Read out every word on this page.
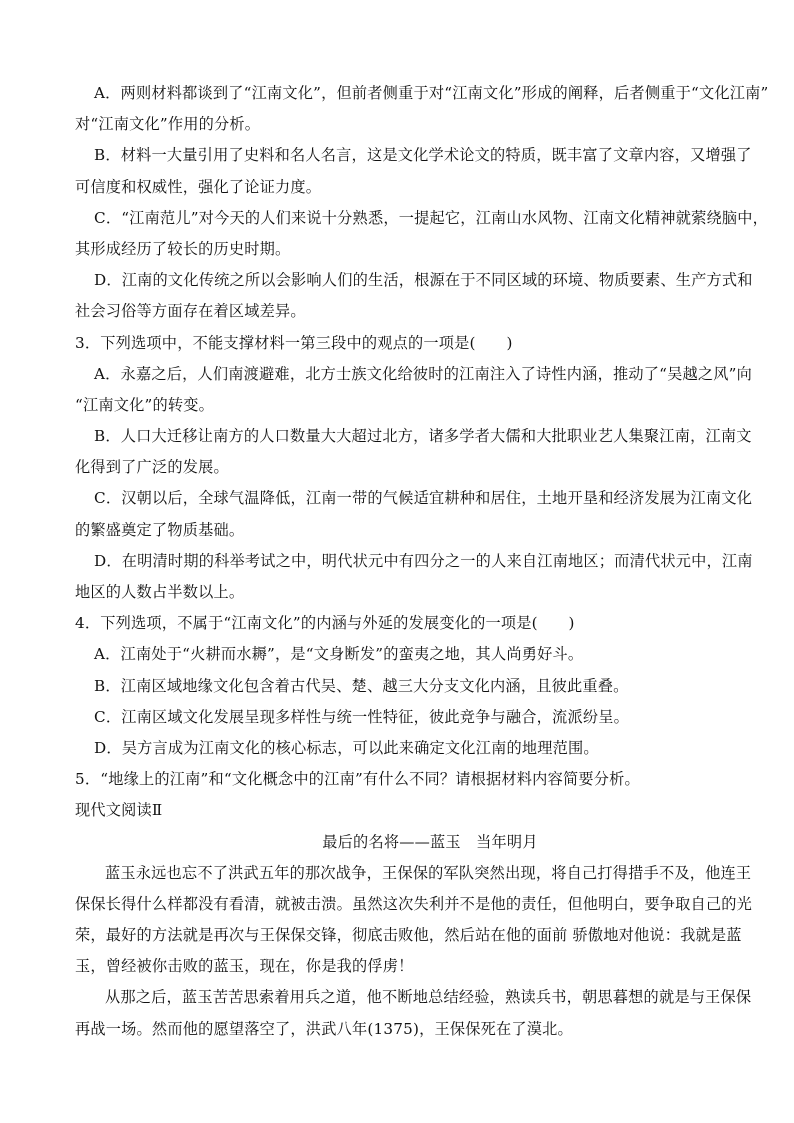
A．两则材料都谈到了“江南文化”，但前者侧重于对“江南文化”形成的阐释，后者侧重于“文化江南”
对“江南文化”作用的分析。
B．材料一大量引用了史料和名人名言，这是文化学术论文的特质，既丰富了文章内容，又增强了
可信度和权威性，强化了论证力度。
C．“江南范儿”对今天的人们来说十分熟悉，一提起它，江南山水风物、江南文化精神就萦绕脑中，
其形成经历了较长的历史时期。
D．江南的文化传统之所以会影响人们的生活，根源在于不同区域的环境、物质要素、生产方式和
社会习俗等方面存在着区域差异。
3．下列选项中，不能支撑材料一第三段中的观点的一项是(　　)
A．永嘉之后，人们南渡避难，北方士族文化给彼时的江南注入了诗性内涵，推动了“吴越之风”向
“江南文化”的转变。
B．人口大迁移让南方的人口数量大大超过北方，诸多学者大儒和大批职业艺人集聚江南，江南文
化得到了广泛的发展。
C．汉朝以后，全球气温降低，江南一带的气候适宜耕种和居住，土地开垦和经济发展为江南文化
的繁盛奠定了物质基础。
D．在明清时期的科举考试之中，明代状元中有四分之一的人来自江南地区；而清代状元中，江南
地区的人数占半数以上。
4．下列选项，不属于“江南文化”的内涵与外延的发展变化的一项是(　　)
A．江南处于“火耕而水耨”，是“文身断发”的蛮夷之地，其人尚勇好斗。
B．江南区域地缘文化包含着古代吴、楚、越三大分支文化内涵，且彼此重叠。
C．江南区域文化发展呈现多样性与统一性特征，彼此竞争与融合，流派纷呈。
D．吴方言成为江南文化的核心标志，可以此来确定文化江南的地理范围。
5．“地缘上的江南”和“文化概念中的江南”有什么不同？请根据材料内容简要分析。
现代文阅读Ⅱ
最后的名将——蓝玉　当年明月
蓝玉永远也忘不了洪武五年的那次战争，王保保的军队突然出现，将自己打得措手不及，他连王
保保长得什么样都没有看清，就被击溃。虽然这次失利并不是他的责任，但他明白，要争取自己的光
荣，最好的方法就是再次与王保保交锋，彻底击败他，然后站在他的面前 骄傲地对他说：我就是蓝
玉，曾经被你击败的蓝玉，现在，你是我的俘虏！
从那之后，蓝玉苦苦思索着用兵之道，他不断地总结经验，熟读兵书，朝思暮想的就是与王保保
再战一场。然而他的愿望落空了，洪武八年(1375)，王保保死在了漠北。
